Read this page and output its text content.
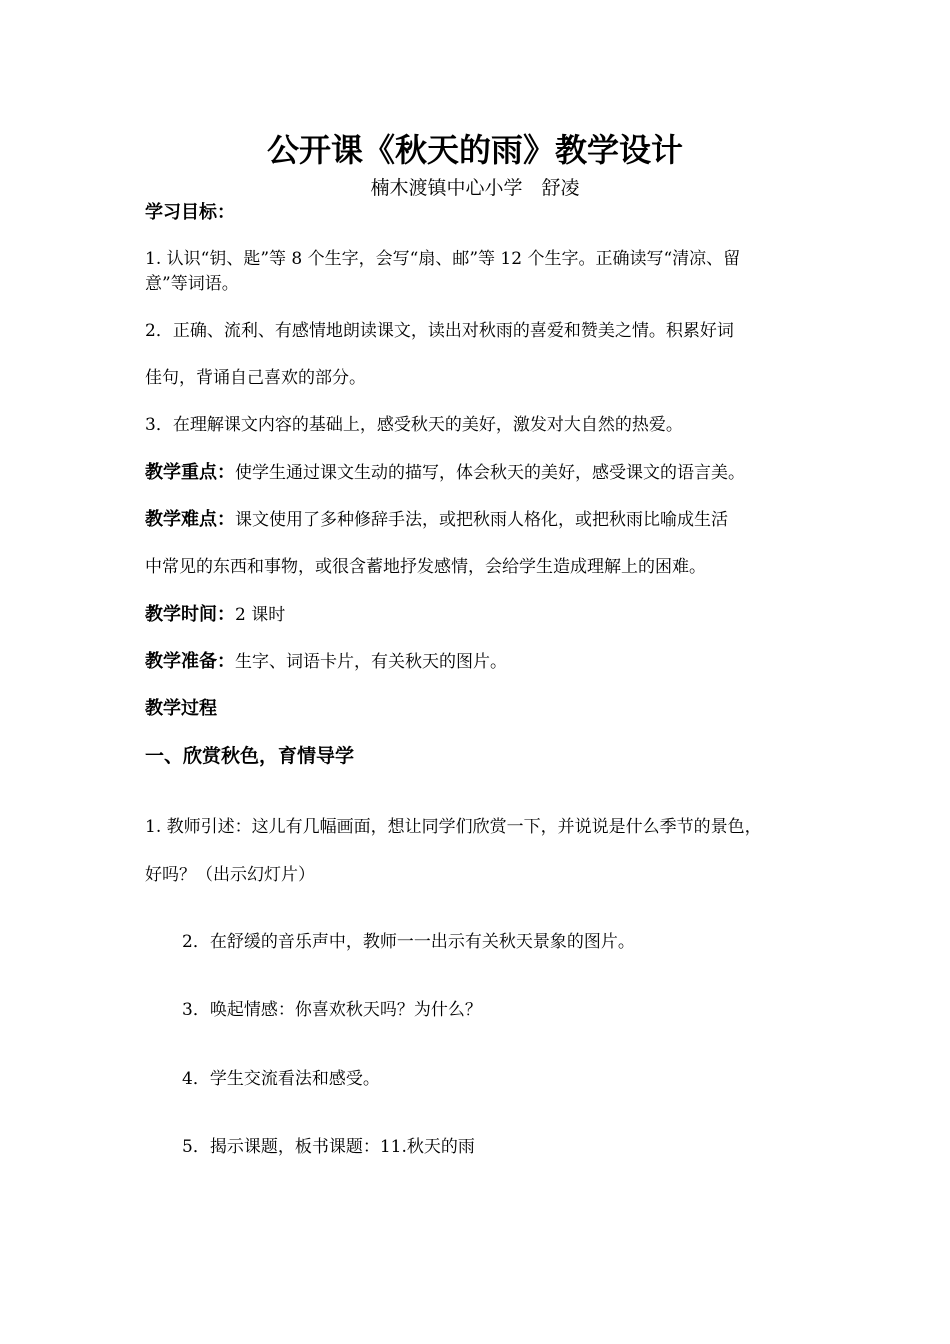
公开课《秋天的雨》教学设计
楠木渡镇中心小学　舒凌
学习目标：
1. 认识“钥、匙”等 8 个生字，会写“扇、邮”等 12 个生字。正确读写“清凉、留
意”等词语。
2．正确、流利、有感情地朗读课文，读出对秋雨的喜爱和赞美之情。积累好词
佳句，背诵自己喜欢的部分。
3．在理解课文内容的基础上，感受秋天的美好，激发对大自然的热爱。
教学重点：使学生通过课文生动的描写，体会秋天的美好，感受课文的语言美。
教学难点：课文使用了多种修辞手法，或把秋雨人格化，或把秋雨比喻成生活
中常见的东西和事物，或很含蓄地抒发感情，会给学生造成理解上的困难。
教学时间：2 课时
教学准备：生字、词语卡片，有关秋天的图片。
教学过程
一、欣赏秋色，育情导学
1. 教师引述：这儿有几幅画面，想让同学们欣赏一下，并说说是什么季节的景色，
好吗？（出示幻灯片）
2．在舒缓的音乐声中，教师一一出示有关秋天景象的图片。
3．唤起情感：你喜欢秋天吗？为什么？
4．学生交流看法和感受。
5．揭示课题，板书课题：11.秋天的雨
